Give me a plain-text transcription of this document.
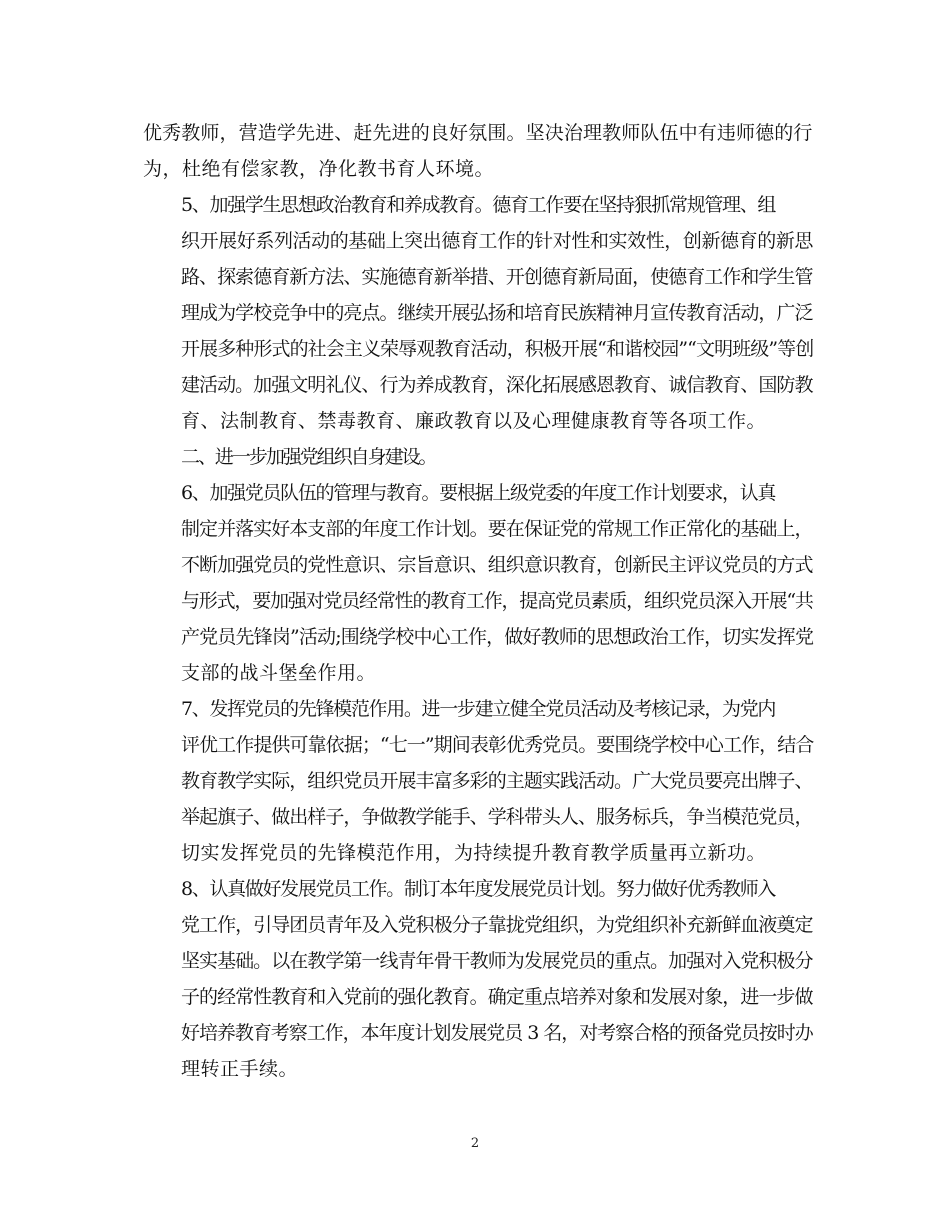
优秀教师，营造学先进、赶先进的良好氛围。坚决治理教师队伍中有违师德的行
为，杜绝有偿家教，净化教书育人环境。

5、加强学生思想政治教育和养成教育。德育工作要在坚持狠抓常规管理、组
织开展好系列活动的基础上突出德育工作的针对性和实效性，创新德育的新思
路、探索德育新方法、实施德育新举措、开创德育新局面，使德育工作和学生管
理成为学校竞争中的亮点。继续开展弘扬和培育民族精神月宣传教育活动，广泛
开展多种形式的社会主义荣辱观教育活动，积极开展“和谐校园”“文明班级”等创
建活动。加强文明礼仪、行为养成教育，深化拓展感恩教育、诚信教育、国防教
育、法制教育、禁毒教育、廉政教育以及心理健康教育等各项工作。

二、进一步加强党组织自身建设。

6、加强党员队伍的管理与教育。要根据上级党委的年度工作计划要求，认真
制定并落实好本支部的年度工作计划。要在保证党的常规工作正常化的基础上，
不断加强党员的党性意识、宗旨意识、组织意识教育，创新民主评议党员的方式
与形式，要加强对党员经常性的教育工作，提高党员素质，组织党员深入开展“共
产党员先锋岗”活动;围绕学校中心工作，做好教师的思想政治工作，切实发挥党
支部的战斗堡垒作用。

7、发挥党员的先锋模范作用。进一步建立健全党员活动及考核记录，为党内
评优工作提供可靠依据；“七一”期间表彰优秀党员。要围绕学校中心工作，结合
教育教学实际，组织党员开展丰富多彩的主题实践活动。广大党员要亮出牌子、
举起旗子、做出样子，争做教学能手、学科带头人、服务标兵，争当模范党员，
切实发挥党员的先锋模范作用，为持续提升教育教学质量再立新功。

8、认真做好发展党员工作。制订本年度发展党员计划。努力做好优秀教师入
党工作，引导团员青年及入党积极分子靠拢党组织，为党组织补充新鲜血液奠定
坚实基础。以在教学第一线青年骨干教师为发展党员的重点。加强对入党积极分
子的经常性教育和入党前的强化教育。确定重点培养对象和发展对象，进一步做
好培养教育考察工作，本年度计划发展党员 3 名，对考察合格的预备党员按时办
理转正手续。

2
